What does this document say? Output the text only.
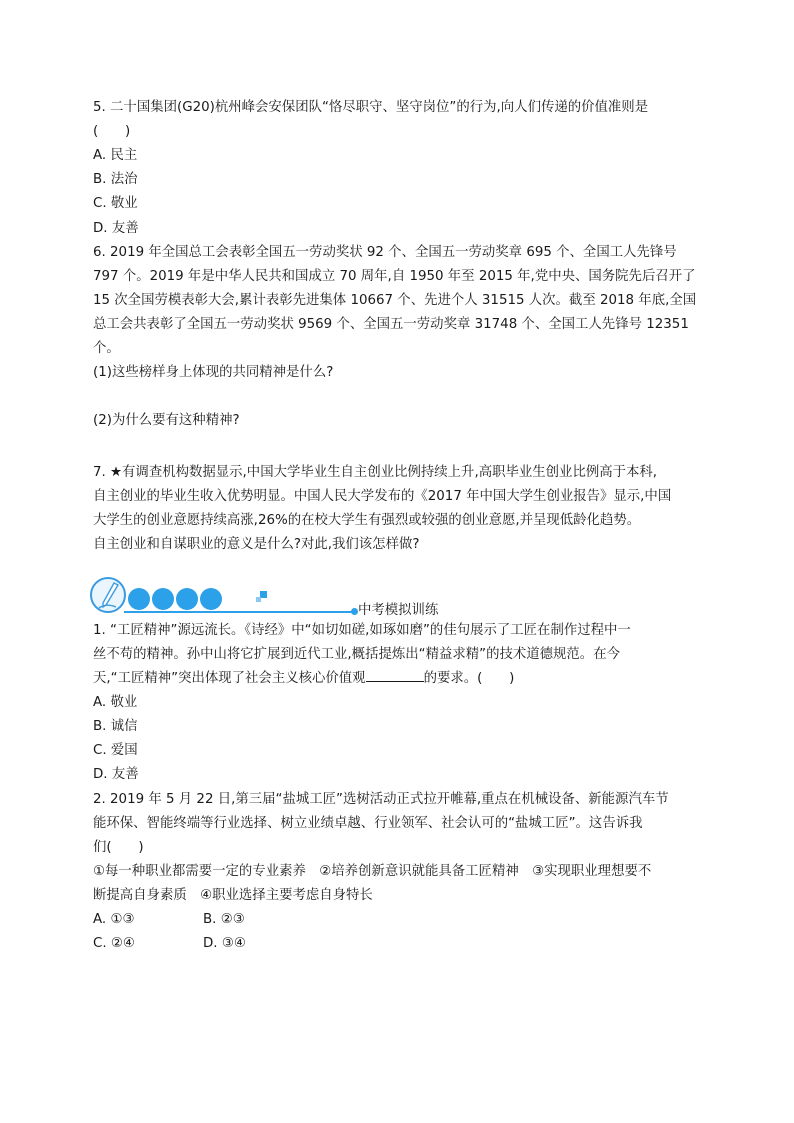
5. 二十国集团(G20)杭州峰会安保团队“恪尽职守、坚守岗位”的行为,向人们传递的价值准则是
(　　)
A. 民主
B. 法治
C. 敬业
D. 友善
6. 2019 年全国总工会表彰全国五一劳动奖状 92 个、全国五一劳动奖章 695 个、全国工人先锋号
797 个。2019 年是中华人民共和国成立 70 周年,自 1950 年至 2015 年,党中央、国务院先后召开了
15 次全国劳模表彰大会,累计表彰先进集体 10667 个、先进个人 31515 人次。截至 2018 年底,全国
总工会共表彰了全国五一劳动奖状 9569 个、全国五一劳动奖章 31748 个、全国工人先锋号 12351
个。
(1)这些榜样身上体现的共同精神是什么?
(2)为什么要有这种精神?
7. ★有调查机构数据显示,中国大学毕业生自主创业比例持续上升,高职毕业生创业比例高于本科,
自主创业的毕业生收入优势明显。中国人民大学发布的《2017 年中国大学生创业报告》显示,中国
大学生的创业意愿持续高涨,26%的在校大学生有强烈或较强的创业意愿,并呈现低龄化趋势。
自主创业和自谋职业的意义是什么?对此,我们该怎样做?
中考模拟训练
1. “工匠精神”源远流长。《诗经》中“如切如磋,如琢如磨”的佳句展示了工匠在制作过程中一
丝不苟的精神。孙中山将它扩展到近代工业,概括提炼出“精益求精”的技术道德规范。在今
天,“工匠精神”突出体现了社会主义核心价值观	的要求。(　　)
A. 敬业
B. 诚信
C. 爱国
D. 友善
2. 2019 年 5 月 22 日,第三届“盐城工匠”选树活动正式拉开帷幕,重点在机械设备、新能源汽车节
能环保、智能终端等行业选择、树立业绩卓越、行业领军、社会认可的“盐城工匠”。这告诉我
们(　　)
①每一种职业都需要一定的专业素养　②培养创新意识就能具备工匠精神　③实现职业理想要不
断提高自身素质　④职业选择主要考虑自身特长
A. ①③	B. ②③
C. ②④	D. ③④
